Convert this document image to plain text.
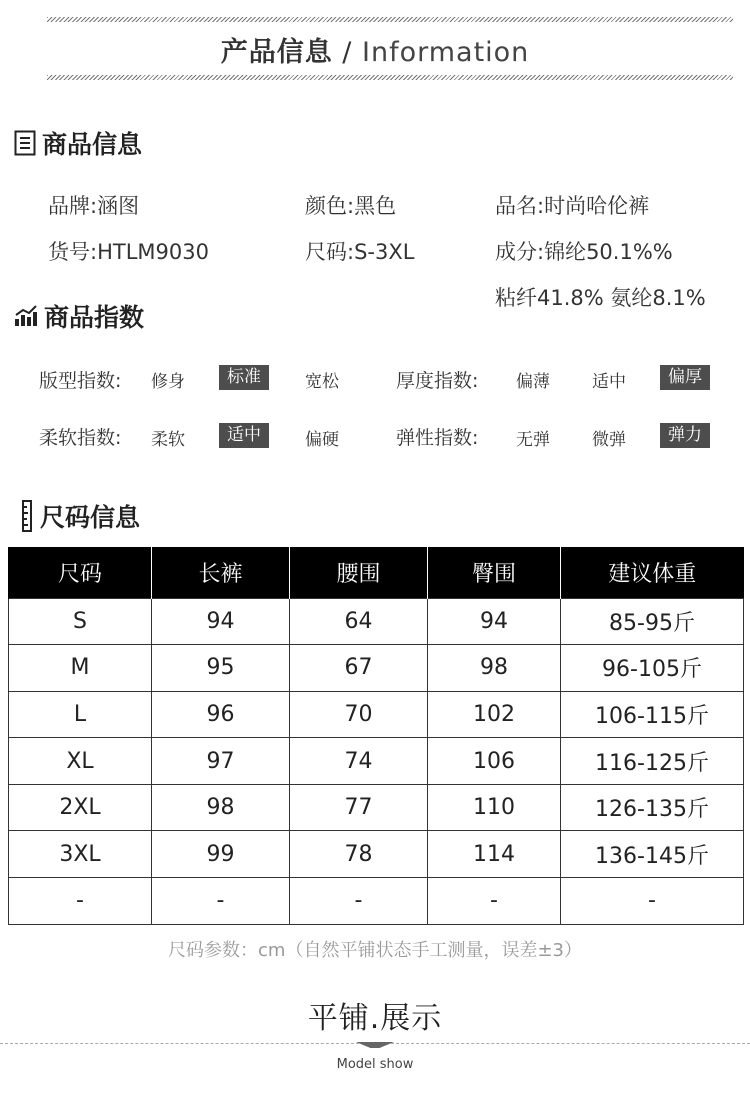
产品信息 / Information
商品信息
品牌:涵图	颜色:黑色	品名:时尚哈伦裤
货号:HTLM9030	尺码:S-3XL	成分:锦纶50.1%%
粘纤41.8% 氨纶8.1%
商品指数
版型指数: 修身	标准	宽松	厚度指数: 偏薄 适中	偏厚
柔软指数: 柔软	适中	偏硬	弹性指数: 无弹 微弹	弹力
尺码信息
尺码	长裤	腰围	臀围	建议体重
S	94	64	94	85-95斤
M	95	67	98	96-105斤
L	96	70	102	106-115斤
XL	97	74	106	116-125斤
2XL	98	77	110	126-135斤
3XL	99	78	114	136-145斤
-	-	-	-	-
尺码参数：cm（自然平铺状态手工测量，误差±3）
平铺.展示
Model show
